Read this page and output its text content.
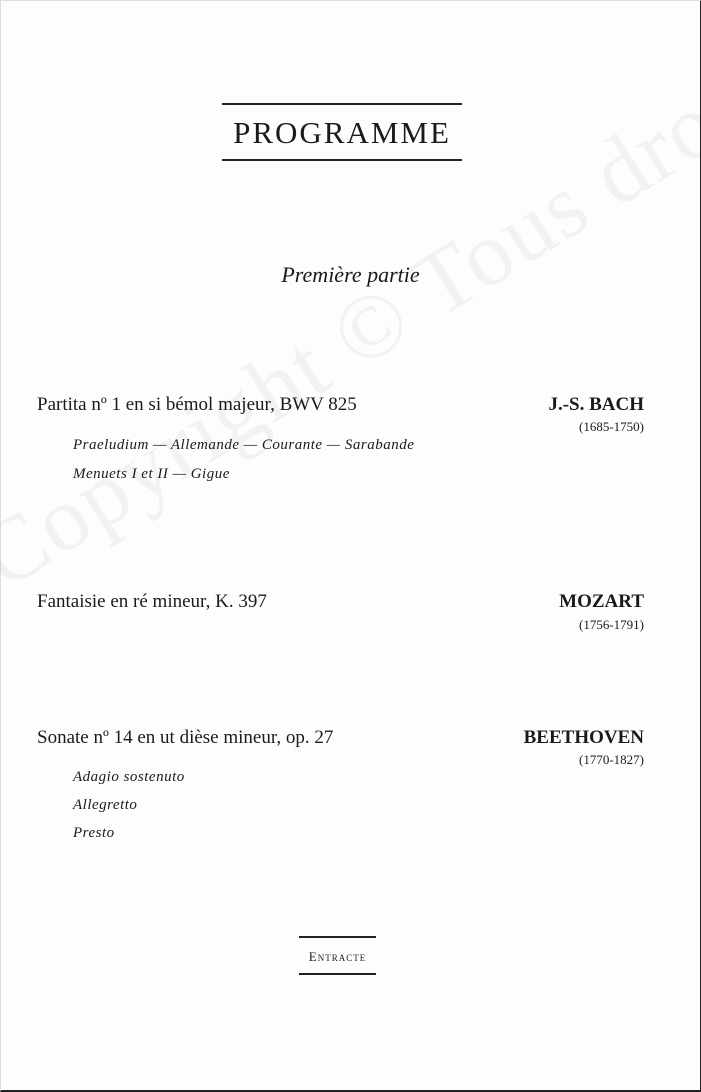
PROGRAMME
Première partie
Partita nº 1 en si bémol majeur, BWV 825	J.-S. BACH
(1685-1750)
Praeludium — Allemande — Courante — Sarabande
Menuets I et II — Gigue
Fantaisie en ré mineur, K. 397	MOZART
(1756-1791)
Sonate nº 14 en ut dièse mineur, op. 27	BEETHOVEN
(1770-1827)
Adagio sostenuto
Allegretto
Presto
Entracte
